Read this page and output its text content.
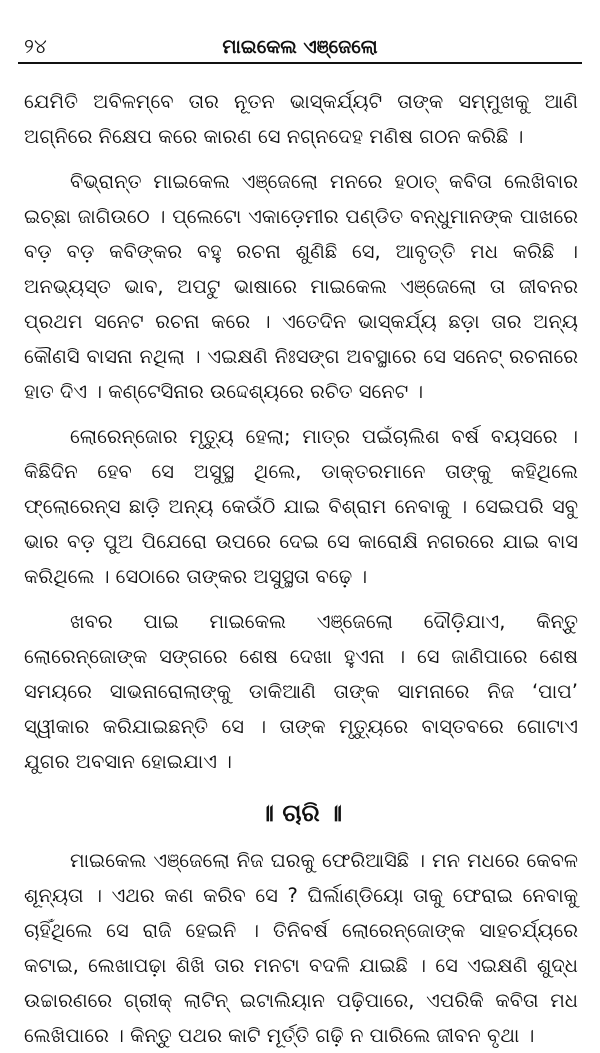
୨୪	ମାଇକେଲ ଏଞ୍ଜେଲୋ

ଯେମିତି ଅବିଳମ୍ବେ ତାର ନୂତନ ଭାସ୍କର୍ଯ୍ୟଟି ତାଙ୍କ ସମ୍ମୁଖକୁ ଆଣି ଅଗ୍ନିରେ ନିକ୍ଷେପ କରେ କାରଣ ସେ ନଗ୍ନଦେହ ମଣିଷ ଗଠନ କରିଛି ।

ବିଭ୍ରାନ୍ତ ମାଇକେଲ ଏଞ୍ଜେଲୋ ମନରେ ହଠାତ୍ କବିତା ଲେଖିବାର ଇଚ୍ଛା ଜାଗିଉଠେ । ପ୍ଲେଟୋ ଏକାଡ଼େମୀର ପଣ୍ଡିତ ବନ୍ଧୁମାନଙ୍କ ପାଖରେ ବଡ଼ ବଡ଼ କବିଙ୍କର ବହୁ ରଚନା ଶୁଣିଛି ସେ, ଆବୃତ୍ତି ମଧ କରିଛି । ଅନଭ୍ୟସ୍ତ ଭାବ, ଅପଟୁ ଭାଷାରେ ମାଇକେଲ ଏଞ୍ଜେଲୋ ତା ଜୀବନର ପ୍ରଥମ ସନେଟ ରଚନା କରେ । ଏତେଦିନ ଭାସ୍କର୍ଯ୍ୟ ଛଡ଼ା ତାର ଅନ୍ୟ କୌଣସି ବାସନା ନଥିଲା । ଏଇକ୍ଷଣି ନିଃସଙ୍ଗ ଅବସ୍ଥାରେ ସେ ସନେଟ୍ ରଚନାରେ ହାତ ଦିଏ । କଣ୍ଟେସିନାର ଉଦ୍ଦେଶ୍ୟରେ ରଚିତ ସନେଟ ।

ଲୋରେନ୍‌ଜୋର ମୃତ୍ୟୁ ହେଲା; ମାତ୍ର ପଇଁଚାଲିଶ ବର୍ଷ ବୟସରେ । କିଛିଦିନ ହେବ ସେ ଅସୁସ୍ଥ ଥିଲେ, ଡାକ୍ତରମାନେ ତାଙ୍କୁ କହିଥିଲେ ଫ୍ଲୋରେନ୍‌ସ ଛାଡ଼ି ଅନ୍ୟ କେଉଁଠି ଯାଇ ବିଶ୍ରାମ ନେବାକୁ । ସେଇପରି ସବୁ ଭାର ବଡ଼ ପୁଅ ପିଯେରୋ ଉପରେ ଦେଇ ସେ କାରୋକ୍ଷି ନଗରରେ ଯାଇ ବାସ କରିଥିଲେ । ସେଠାରେ ତାଙ୍କର ଅସୁସ୍ଥତା ବଢ଼େ ।

ଖବର ପାଇ ମାଇକେଲ ଏଞ୍ଜେଲୋ ଦୌଡ଼ିଯାଏ, କିନ୍ତୁ ଲୋରେନ୍‌ଜୋଙ୍କ ସଙ୍ଗରେ ଶେଷ ଦେଖା ହୁଏନା । ସେ ଜାଣିପାରେ ଶେଷ ସମୟରେ ସାଭନାରୋଲାଙ୍କୁ ଡାକିଆଣି ତାଙ୍କ ସାମନାରେ ନିଜ ‘ପାପ’ ସ୍ୱୀକାର କରିଯାଇଛନ୍ତି ସେ । ତାଙ୍କ ମୃତ୍ୟୁରେ ବାସ୍ତବରେ ଗୋଟାଏ ଯୁଗର ଅବସାନ ହୋଇଯାଏ ।

॥ ଚାରି ॥

ମାଇକେଲ ଏଞ୍ଜେଲୋ ନିଜ ଘରକୁ ଫେରିଆସିଛି । ମନ ମଧରେ କେବଳ ଶୂନ୍ୟତା । ଏଥର କଣ କରିବ ସେ ? ଘିର୍ଲାଣ୍ଡିୟୋ ତାକୁ ଫେରାଇ ନେବାକୁ ଚାହିଁଥିଲେ ସେ ରାଜି ହେଇନି । ତିନିବର୍ଷ ଲୋରେନ୍‌ଜୋଙ୍କ ସାହଚର୍ଯ୍ୟରେ କଟାଇ, ଲେଖାପଢ଼ା ଶିଖି ତାର ମନଟା ବଦଳି ଯାଇଛି । ସେ ଏଇକ୍ଷଣି ଶୁଦ୍ଧ ଉଚ୍ଚାରଣରେ ଗ୍ରୀକ୍ ଲାଟିନ୍ ଇଟାଲିୟାନ ପଢ଼ିପାରେ, ଏପରିକି କବିତା ମଧ ଲେଖିପାରେ । କିନ୍ତୁ ପଥର କାଟି ମୂର୍ତ୍ତି ଗଢ଼ି ନ ପାରିଲେ ଜୀବନ ବୃଥା ।
